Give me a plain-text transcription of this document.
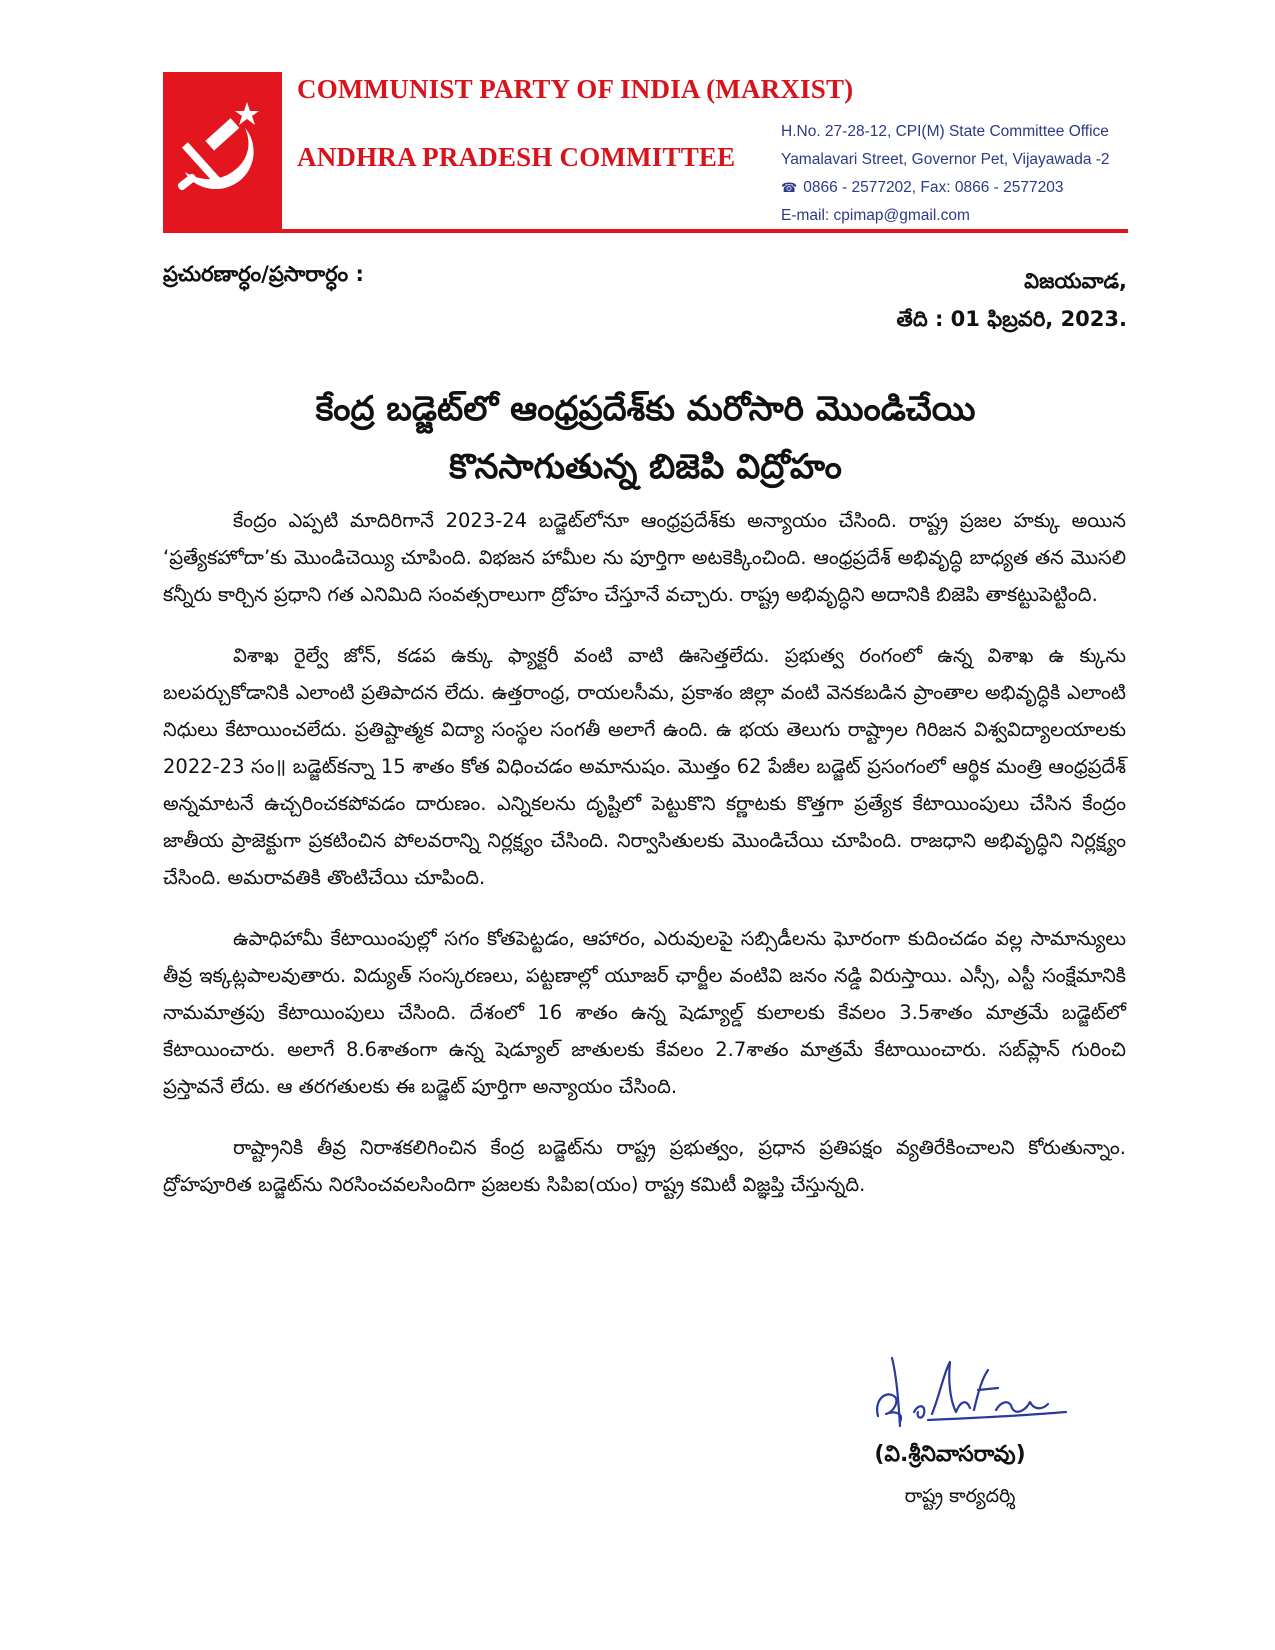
COMMUNIST PARTY OF INDIA (MARXIST)
ANDHRA PRADESH COMMITTEE
H.No. 27-28-12, CPI(M) State Committee Office
Yamalavari Street, Governor Pet, Vijayawada -2
☎ 0866 - 2577202, Fax: 0866 - 2577203
E-mail: cpimap@gmail.com
ప్రచురణార్ధం/ప్రసారార్ధం :	విజయవాడ,
తేది : 01 ఫిబ్రవరి, 2023.
కేంద్ర బడ్జెట్‌లో ఆంధ్రప్రదేశ్‌కు మరోసారి మొండిచేయి
కొనసాగుతున్న బిజెపి విద్రోహం

కేంద్రం ఎప్పటి మాదిరిగానే 2023-24 బడ్జెట్‌లోనూ ఆంధ్రప్రదేశ్‌కు అన్యాయం చేసింది. రాష్ట్ర ప్రజల హక్కు అయిన ‘ప్రత్యేకహోదా’కు మొండిచెయ్యి చూపింది. విభజన హామీల ను పూర్తిగా అటకెక్కించింది. ఆంధ్రప్రదేశ్ అభివృద్ధి బాధ్యత తన మొసలి కన్నీరు కార్చిన ప్రధాని గత ఎనిమిది సంవత్సరాలుగా ద్రోహం చేస్తూనే వచ్చారు. రాష్ట్ర అభివృద్ధిని అదానికి బిజెపి తాకట్టుపెట్టింది.

విశాఖ రైల్వే జోన్, కడప ఉక్కు ఫ్యాక్టరీ వంటి వాటి ఊసెత్తలేదు. ప్రభుత్వ రంగంలో ఉన్న విశాఖ ఉ క్కును బలపర్చుకోడానికి ఎలాంటి ప్రతిపాదన లేదు. ఉత్తరాంధ్ర, రాయలసీమ, ప్రకాశం జిల్లా వంటి వెనకబడిన ప్రాంతాల అభివృద్ధికి ఎలాంటి నిధులు కేటాయించలేదు. ప్రతిష్టాత్మక విద్యా సంస్థల సంగతీ అలాగే ఉంది. ఉ భయ తెలుగు రాష్ట్రాల గిరిజన విశ్వవిద్యాలయాలకు 2022-23 సం॥ బడ్జెట్‌కన్నా 15 శాతం కోత విధించడం అమానుషం. మొత్తం 62 పేజీల బడ్జెట్ ప్రసంగంలో ఆర్థిక మంత్రి ఆంధ్రప్రదేశ్ అన్నమాటనే ఉచ్చరించకపోవడం దారుణం. ఎన్నికలను దృష్టిలో పెట్టుకొని కర్ణాటకు కొత్తగా ప్రత్యేక కేటాయింపులు చేసిన కేంద్రం జాతీయ ప్రాజెక్టుగా ప్రకటించిన పోలవరాన్ని నిర్లక్ష్యం చేసింది. నిర్వాసితులకు మొండిచేయి చూపింది. రాజధాని అభివృద్ధిని నిర్లక్ష్యం చేసింది. అమరావతికి తొంటిచేయి చూపింది.

ఉపాధిహామీ కేటాయింపుల్లో సగం కోతపెట్టడం, ఆహారం, ఎరువులపై సబ్సిడీలను ఘోరంగా కుదించడం వల్ల సామాన్యులు తీవ్ర ఇక్కట్లపాలవుతారు. విద్యుత్ సంస్కరణలు, పట్టణాల్లో యూజర్ ఛార్జీల వంటివి జనం నడ్డి విరుస్తాయి. ఎస్సీ, ఎస్టీ సంక్షేమానికి నామమాత్రపు కేటాయింపులు చేసింది. దేశంలో 16 శాతం ఉన్న షెడ్యూల్డ్ కులాలకు కేవలం 3.5శాతం మాత్రమే బడ్జెట్‌లో కేటాయించారు. అలాగే 8.6శాతంగా ఉన్న షెడ్యూల్ జాతులకు కేవలం 2.7శాతం మాత్రమే కేటాయించారు. సబ్‌ప్లాన్ గురించి ప్రస్తావనే లేదు. ఆ తరగతులకు ఈ బడ్జెట్ పూర్తిగా అన్యాయం చేసింది.

రాష్ట్రానికి తీవ్ర నిరాశకలిగించిన కేంద్ర బడ్జెట్‌ను రాష్ట్ర ప్రభుత్వం, ప్రధాన ప్రతిపక్షం వ్యతిరేకించాలని కోరుతున్నాం. ద్రోహపూరిత బడ్జెట్‌ను నిరసించవలసిందిగా ప్రజలకు సిపిఐ(యం) రాష్ట్ర కమిటీ విజ్ఞప్తి చేస్తున్నది.

(వి.శ్రీనివాసరావు)
రాష్ట్ర కార్యదర్శి
